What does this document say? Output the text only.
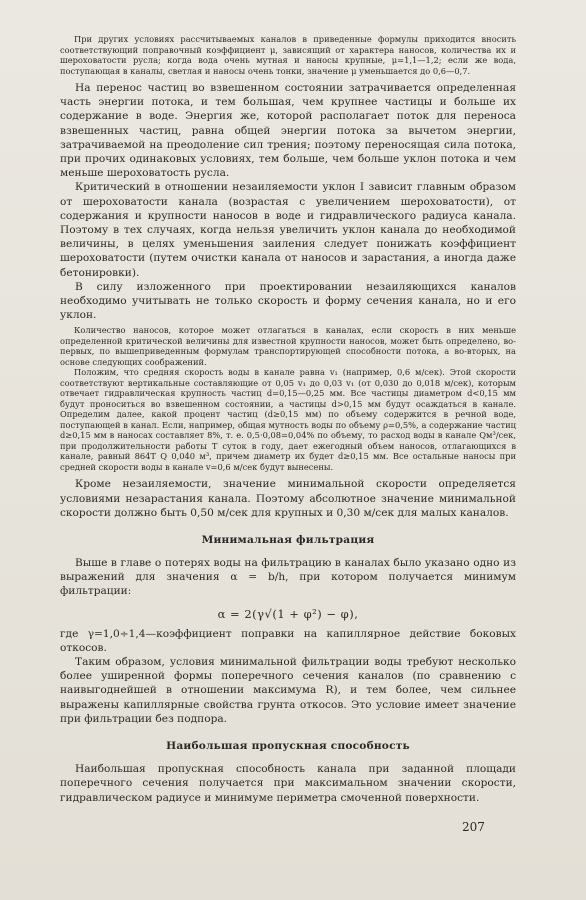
При других условиях рассчитываемых каналов в приведенные формулы приходится вносить соответствующий поправочный коэффициент μ, зависящий от характера наносов, количества их и шероховатости русла; когда вода очень мутная и наносы крупные, μ=1,1—1,2; если же вода, поступающая в каналы, светлая и наносы очень тонки, значение μ уменьшается до 0,6—0,7.

На перенос частиц во взвешенном состоянии затрачивается определенная часть энергии потока, и тем большая, чем крупнее частицы и больше их содержание в воде. Энергия же, которой располагает поток для переноса взвешенных частиц, равна общей энергии потока за вычетом энергии, затрачиваемой на преодоление сил трения; поэтому переносящая сила потока, при прочих одинаковых условиях, тем больше, чем больше уклон потока и чем меньше шероховатость русла.

Критический в отношении незаиляемости уклон I зависит главным образом от шероховатости канала (возрастая с увеличением шероховатости), от содержания и крупности наносов в воде и гидравлического радиуса канала. Поэтому в тех случаях, когда нельзя увеличить уклон канала до необходимой величины, в целях уменьшения заиления следует понижать коэффициент шероховатости (путем очистки канала от наносов и зарастания, а иногда даже бетонировки).

В силу изложенного при проектировании незаиляющихся каналов необходимо учитывать не только скорость и форму сечения канала, но и его уклон.

Количество наносов, которое может отлагаться в каналах, если скорость в них меньше определенной критической величины для известной крупности наносов, может быть определено, во-первых, по вышеприведенным формулам транспортирующей способности потока, а во-вторых, на основе следующих соображений.

Положим, что средняя скорость воды в канале равна v₁ (например, 0,6 м/сек). Этой скорости соответствуют вертикальные составляющие от 0,05 v₁ до 0,03 v₁ (от 0,030 до 0,018 м/сек), которым отвечает гидравлическая крупность частиц d=0,15—0,25 мм. Все частицы диаметром d<0,15 мм будут проноситься во взвешенном состоянии, а частицы d>0,15 мм будут осаждаться в канале. Определим далее, какой процент частиц (d≥0,15 мм) по объему содержится в речной воде, поступающей в канал. Если, например, общая мутность воды по объему ρ=0,5%, а содержание частиц d≥0,15 мм в наносах составляет 8%, т. е. 0,5·0,08=0,04% по объему, то расход воды в канале Qм³/сек, при продолжительности работы T суток в году, дает ежегодный объем наносов, отлагающихся в канале, равный 864T Q 0,040 м³, причем диаметр их будет d≥0,15 мм. Все остальные наносы при средней скорости воды в канале v=0,6 м/сек будут вынесены.

Кроме незаиляемости, значение минимальной скорости определяется условиями незарастания канала. Поэтому абсолютное значение минимальной скорости должно быть 0,50 м/сек для крупных и 0,30 м/сек для малых каналов.

Минимальная фильтрация

Выше в главе о потерях воды на фильтрацию в каналах было указано одно из выражений для значения α = b/h, при котором получается минимум фильтрации:

α = 2(γ√(1 + φ²) − φ),

где γ=1,0÷1,4—коэффициент поправки на капиллярное действие боковых откосов.

Таким образом, условия минимальной фильтрации воды требуют несколько более уширенной формы поперечного сечения каналов (по сравнению с наивыгоднейшей в отношении максимума R), и тем более, чем сильнее выражены капиллярные свойства грунта откосов. Это условие имеет значение при фильтрации без подпора.

Наибольшая пропускная способность

Наибольшая пропускная способность канала при заданной площади поперечного сечения получается при максимальном значении скорости, гидравлическом радиусе и минимуме периметра смоченной поверхности.

207
